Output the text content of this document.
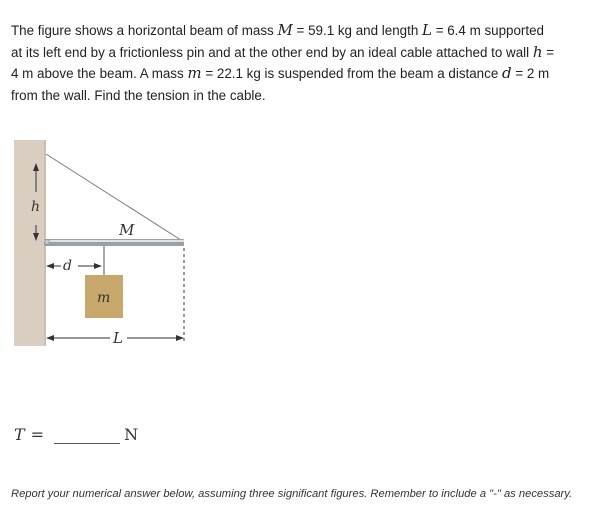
The figure shows a horizontal beam of mass M = 59.1 kg and length L = 6.4 m supported
at its left end by a frictionless pin and at the other end by an ideal cable attached to wall h =
4 m above the beam. A mass m = 22.1 kg is suspended from the beam a distance d = 2 m
from the wall. Find the tension in the cable.
h
M
d
m
L
T =	N
Report your numerical answer below, assuming three significant figures. Remember to include a "-" as necessary.
